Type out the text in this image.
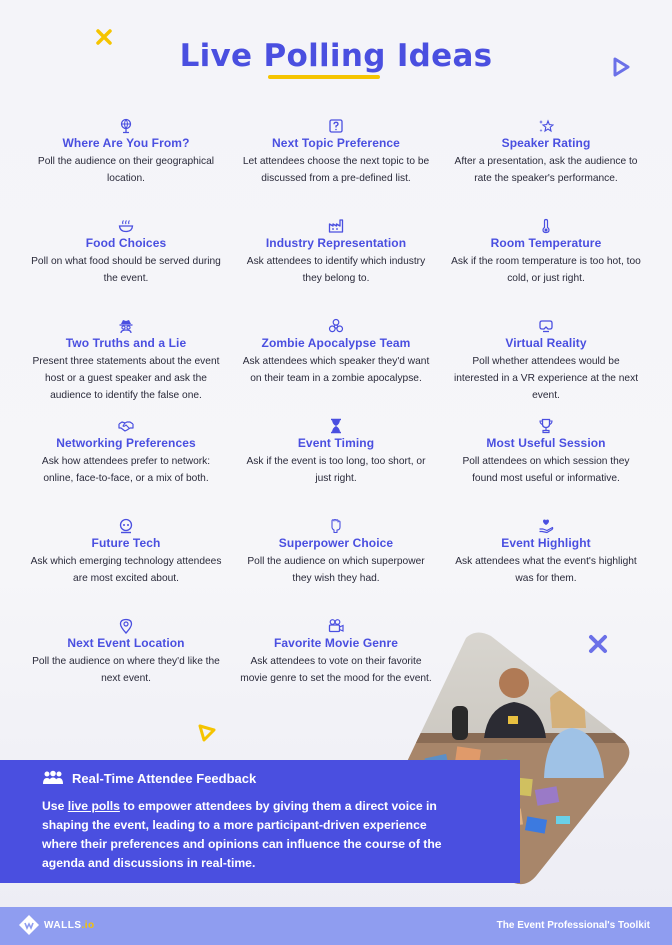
Live Polling Ideas
Where Are You From?
Poll the audience on their geographical location.
Next Topic Preference
Let attendees choose the next topic to be discussed from a pre-defined list.
Speaker Rating
After a presentation, ask the audience to rate the speaker's performance.
Food Choices
Poll on what food should be served during the event.
Industry Representation
Ask attendees to identify which industry they belong to.
Room Temperature
Ask if the room temperature is too hot, too cold, or just right.
Two Truths and a Lie
Present three statements about the event host or a guest speaker and ask the audience to identify the false one.
Zombie Apocalypse Team
Ask attendees which speaker they'd want on their team in a zombie apocalypse.
Virtual Reality
Poll whether attendees would be interested in a VR experience at the next event.
Networking Preferences
Ask how attendees prefer to network: online, face-to-face, or a mix of both.
Event Timing
Ask if the event is too long, too short, or just right.
Most Useful Session
Poll attendees on which session they found most useful or informative.
Future Tech
Ask which emerging technology attendees are most excited about.
Superpower Choice
Poll the audience on which superpower they wish they had.
Event Highlight
Ask attendees what the event's highlight was for them.
Next Event Location
Poll the audience on where they'd like the next event.
Favorite Movie Genre
Ask attendees to vote on their favorite movie genre to set the mood for the event.
Real-Time Attendee Feedback
Use live polls to empower attendees by giving them a direct voice in shaping the event, leading to a more participant-driven experience where their preferences and opinions can influence the course of the agenda and discussions in real-time.
WALLS.io	The Event Professional's Toolkit
